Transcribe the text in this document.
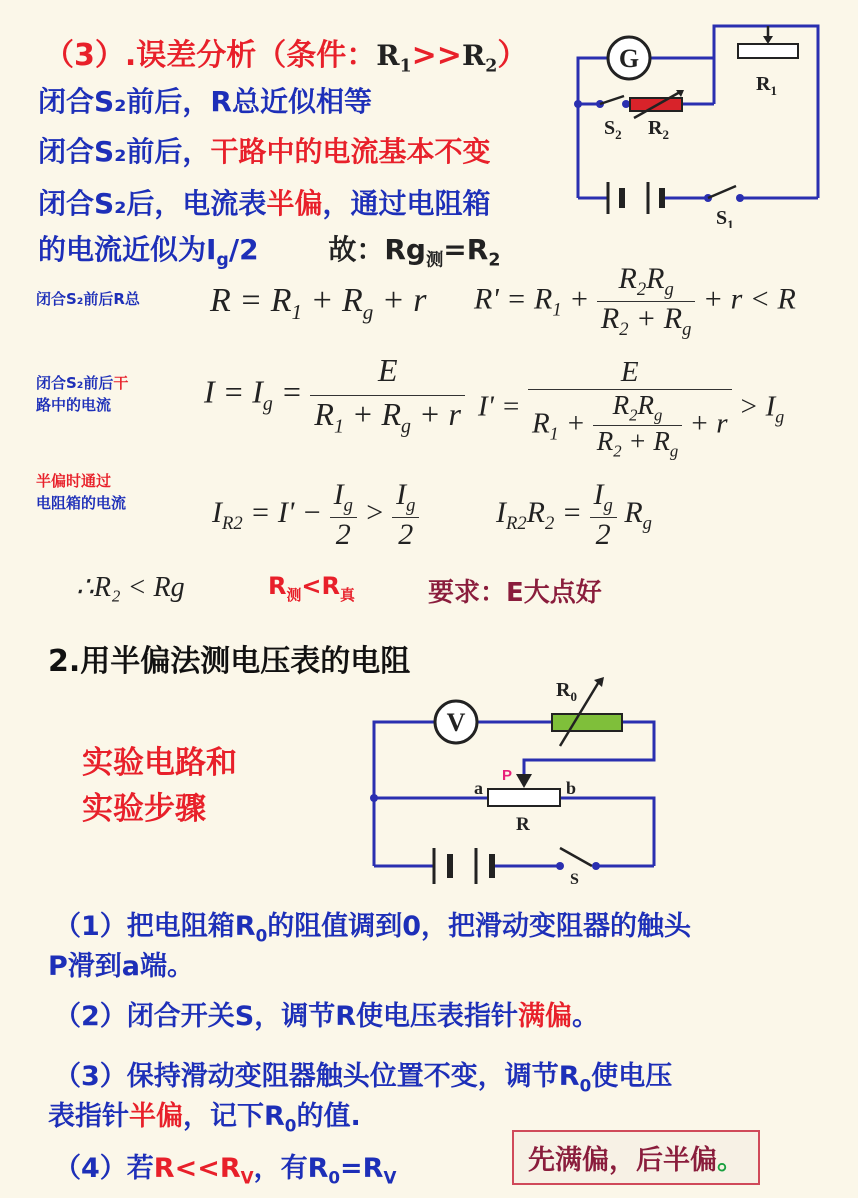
（3）.误差分析（条件：$R_1>>R_2$）
闭合S₂前后，R总近似相等
闭合S₂前后，干路中的电流基本不变
闭合S₂后，电流表半偏，通过电阻箱
的电流近似为$I_g/2$ 故：$Rg_测=R_2$
G
$R_1$
$S_2$ $R_2$
$S_1$
闭合S₂前后R总 $R = R_1 + R_g + r$ $R' = R_1 + \frac{R_2R_g}{R_2 + R_g} + r < R$
闭合S₂前后干
路中的电流	$I = I_g = \frac{E}{R_1 + R_g + r} I' = \frac{E}{R_1 + \frac{R_2R_g}{R_2 + R_g} + r} > I_g$
半偏时通过
电阻箱的电流	$I_{R2} = I' - \frac{I_g}{2} > \frac{I_g}{2}$	$I_{R2}R_2 = \frac{I_g}{2} R_g$
∴R₂ < Rg	$R_测<R_真$	要求：E大点好
2.用半偏法测电压表的电阻
实验电路和
实验步骤
V
$R_0$
P
a	b
R
S
（1）把电阻箱$R_0$的阻值调到0，把滑动变阻器的触头
P滑到a端。
（2）闭合开关S，调节R使电压表指针满偏。
（3）保持滑动变阻器触头位置不变，调节$R_0$使电压
表指针半偏，记下$R_0$的值.
（4）若$R<<R_V$，有$R_0=R_V$
先满偏，后半偏。
